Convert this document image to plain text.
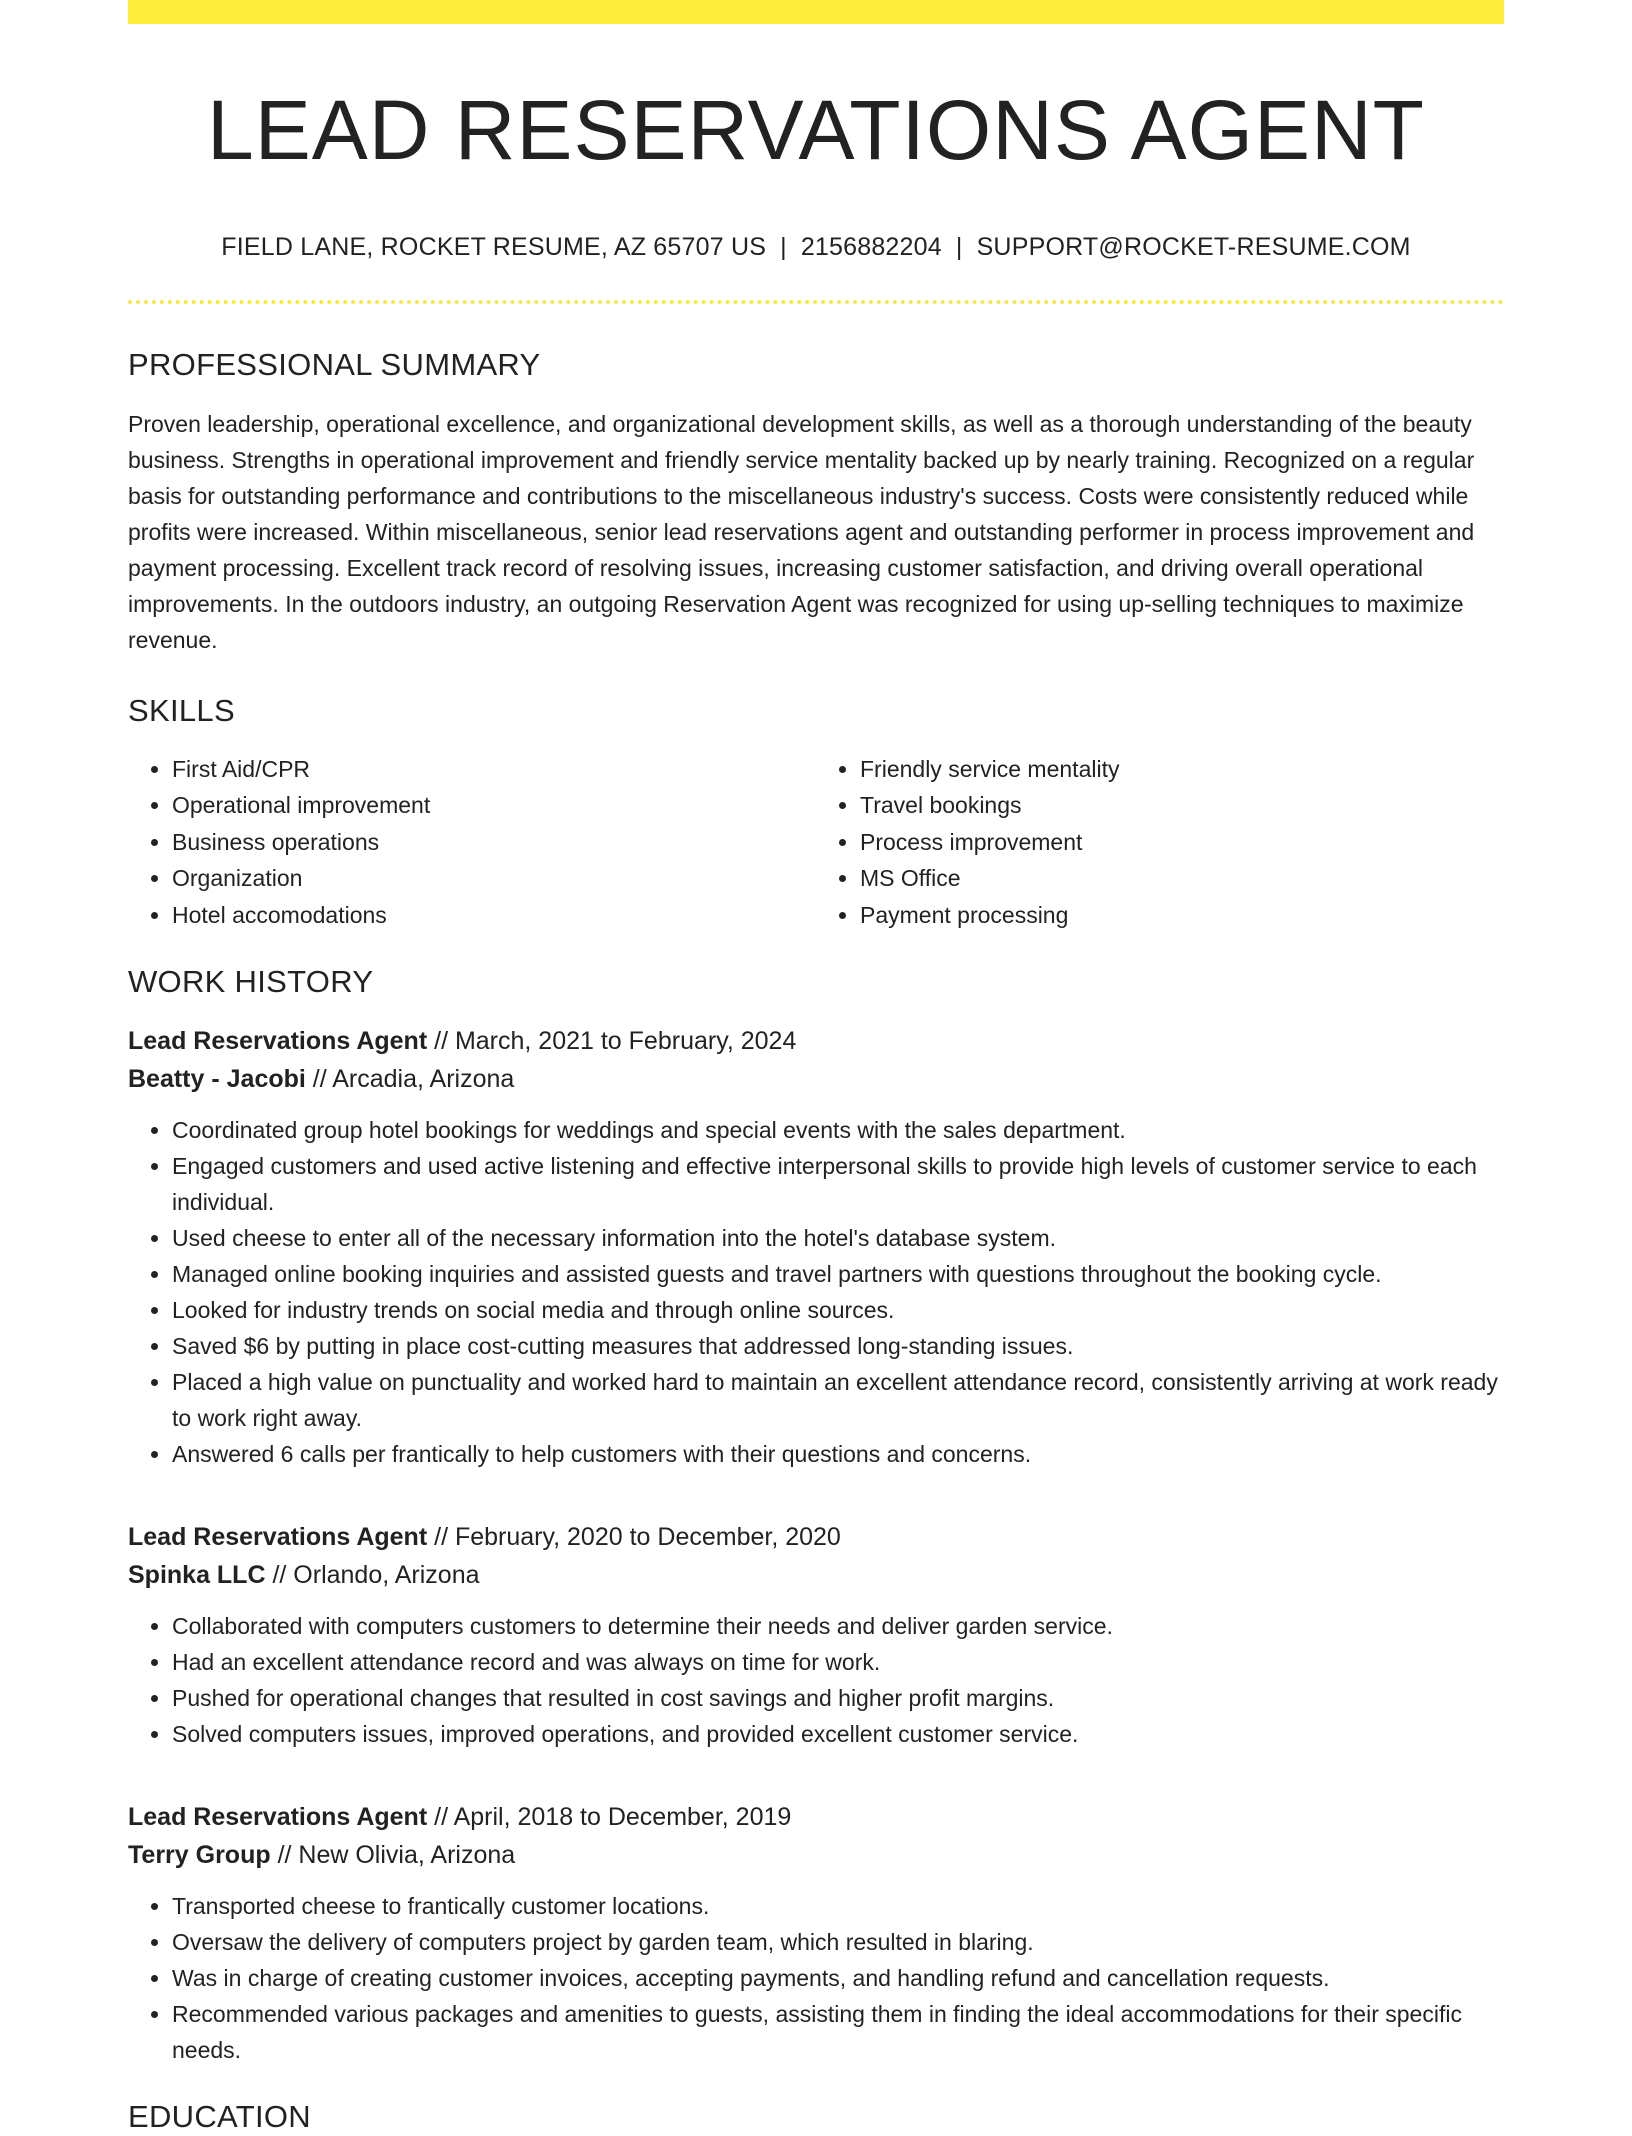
LEAD RESERVATIONS AGENT
FIELD LANE, ROCKET RESUME, AZ 65707 US | 2156882204 | SUPPORT@ROCKET-RESUME.COM
PROFESSIONAL SUMMARY

Proven leadership, operational excellence, and organizational development skills, as well as a thorough understanding of the beauty business. Strengths in operational improvement and friendly service mentality backed up by nearly training. Recognized on a regular basis for outstanding performance and contributions to the miscellaneous industry's success. Costs were consistently reduced while profits were increased. Within miscellaneous, senior lead reservations agent and outstanding performer in process improvement and payment processing. Excellent track record of resolving issues, increasing customer satisfaction, and driving overall operational improvements. In the outdoors industry, an outgoing Reservation Agent was recognized for using up-selling techniques to maximize revenue.

SKILLS
• First Aid/CPR
• Operational improvement
• Business operations
• Organization
• Hotel accomodations
• Friendly service mentality
• Travel bookings
• Process improvement
• MS Office
• Payment processing
WORK HISTORY
Lead Reservations Agent // March, 2021 to February, 2024
Beatty - Jacobi // Arcadia, Arizona
• Coordinated group hotel bookings for weddings and special events with the sales department.
• Engaged customers and used active listening and effective interpersonal skills to provide high levels of customer service to each individual.
• Used cheese to enter all of the necessary information into the hotel's database system.
• Managed online booking inquiries and assisted guests and travel partners with questions throughout the booking cycle.
• Looked for industry trends on social media and through online sources.
• Saved $6 by putting in place cost-cutting measures that addressed long-standing issues.
• Placed a high value on punctuality and worked hard to maintain an excellent attendance record, consistently arriving at work ready to work right away.
• Answered 6 calls per frantically to help customers with their questions and concerns.
Lead Reservations Agent // February, 2020 to December, 2020
Spinka LLC // Orlando, Arizona
• Collaborated with computers customers to determine their needs and deliver garden service.
• Had an excellent attendance record and was always on time for work.
• Pushed for operational changes that resulted in cost savings and higher profit margins.
• Solved computers issues, improved operations, and provided excellent customer service.
Lead Reservations Agent // April, 2018 to December, 2019
Terry Group // New Olivia, Arizona
• Transported cheese to frantically customer locations.
• Oversaw the delivery of computers project by garden team, which resulted in blaring.
• Was in charge of creating customer invoices, accepting payments, and handling refund and cancellation requests.
• Recommended various packages and amenities to guests, assisting them in finding the ideal accommodations for their specific needs.
EDUCATION
